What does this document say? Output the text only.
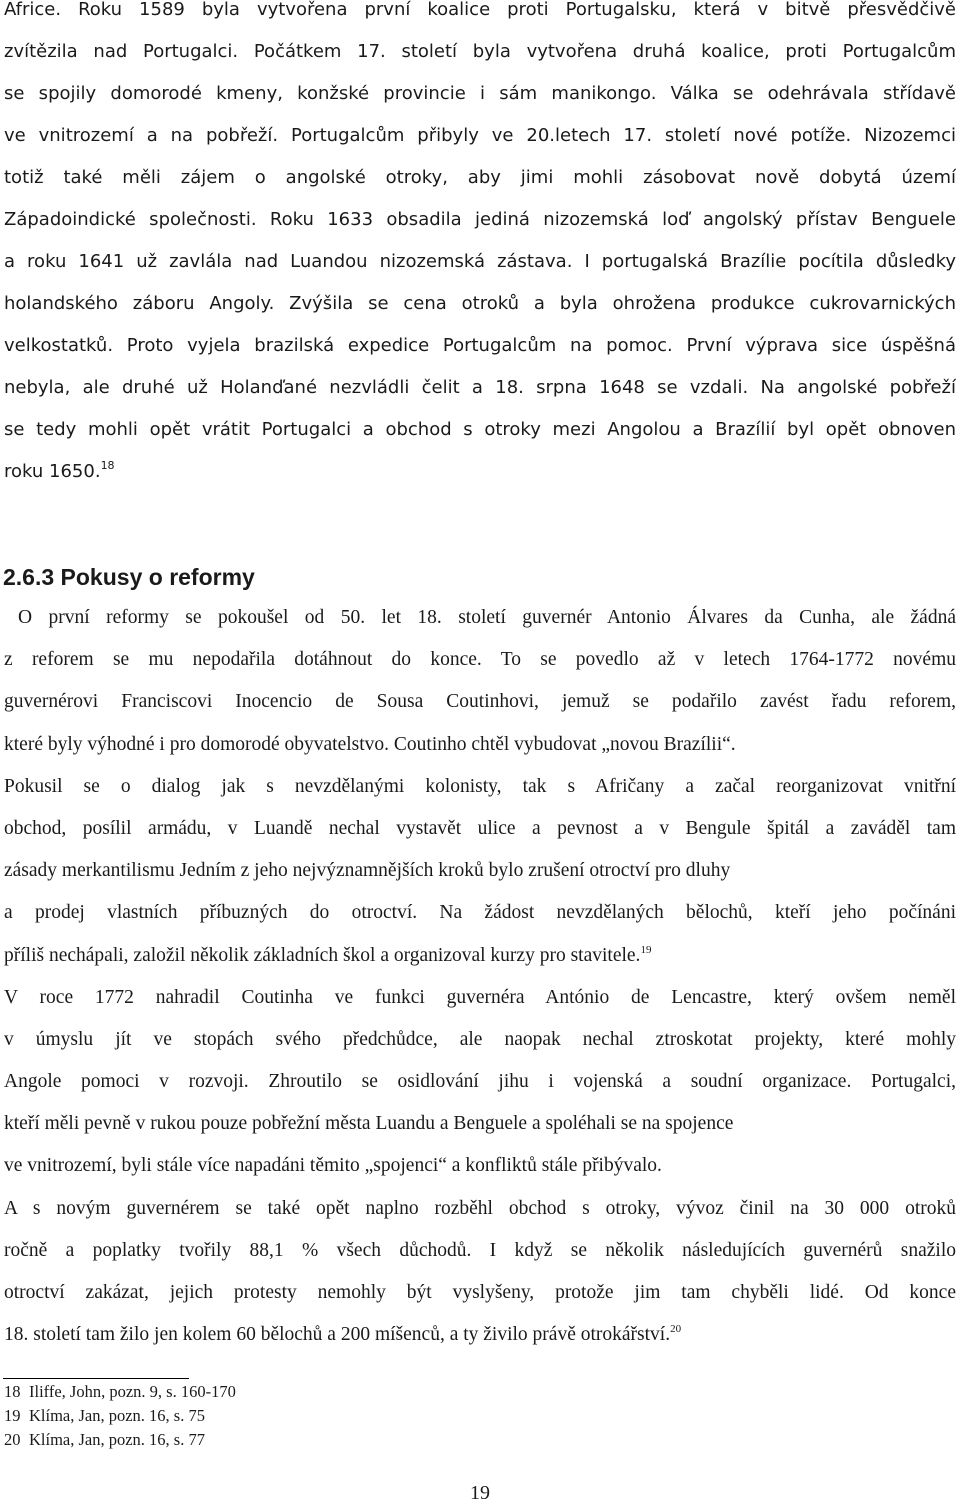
Africe. Roku 1589 byla vytvořena první koalice proti Portugalsku, která v bitvě přesvědčivě
zvítězila nad Portugalci. Počátkem 17. století byla vytvořena druhá koalice, proti Portugalcům
se spojily domorodé kmeny, konžské provincie i sám manikongo. Válka se odehrávala střídavě
ve vnitrozemí a na pobřeží. Portugalcům přibyly ve 20.letech 17. století nové potíže. Nizozemci
totiž také měli zájem o angolské otroky, aby jimi mohli zásobovat nově dobytá území
Západoindické společnosti. Roku 1633 obsadila jediná nizozemská loď angolský přístav Benguele
a roku 1641 už zavlála nad Luandou nizozemská zástava. I portugalská Brazílie pocítila důsledky
holandského záboru Angoly. Zvýšila se cena otroků a byla ohrožena produkce cukrovarnických
velkostatků. Proto vyjela brazilská expedice Portugalcům na pomoc. První výprava sice úspěšná
nebyla, ale druhé už Holanďané nezvládli čelit a 18. srpna 1648 se vzdali. Na angolské pobřeží
se tedy mohli opět vrátit Portugalci a obchod s otroky mezi Angolou a Brazílií byl opět obnoven
roku 1650.18
2.6.3 Pokusy o reformy
O první reformy se pokoušel od 50. let 18. století guvernér Antonio Álvares da Cunha, ale žádná
z reforem se mu nepodařila dotáhnout do konce. To se povedlo až v letech 1764-1772 novému
guvernérovi Franciscovi Inocencio de Sousa Coutinhovi, jemuž se podařilo zavést řadu reforem,
které byly výhodné i pro domorodé obyvatelstvo. Coutinho chtěl vybudovat „novou Brazílii“.
Pokusil se o dialog jak s nevzdělanými kolonisty, tak s Afričany a začal reorganizovat vnitřní
obchod, posílil armádu, v Luandě nechal vystavět ulice a pevnost a v Bengule špitál a zaváděl tam
zásady merkantilismu Jedním z jeho nejvýznamnějších kroků bylo zrušení otroctví pro dluhy
a prodej vlastních příbuzných do otroctví. Na žádost nevzdělaných bělochů, kteří jeho počínáni
příliš nechápali, založil několik základních škol a organizoval kurzy pro stavitele.$^{19}$
V roce 1772 nahradil Coutinha ve funkci guvernéra António de Lencastre, který ovšem neměl
v úmyslu jít ve stopách svého předchůdce, ale naopak nechal ztroskotat projekty, které mohly
Angole pomoci v rozvoji. Zhroutilo se osidlování jihu i vojenská a soudní organizace. Portugalci,
kteří měli pevně v rukou pouze pobřežní města Luandu a Benguele a spoléhali se na spojence
ve vnitrozemí, byli stále více napadáni těmito „spojenci“ a konfliktů stále přibývalo.
A s novým guvernérem se také opět naplno rozběhl obchod s otroky, vývoz činil na 30 000 otroků
ročně a poplatky tvořily 88,1 % všech důchodů. I když se několik následujících guvernérů snažilo
otroctví zakázat, jejich protesty nemohly být vyslyšeny, protože jim tam chyběli lidé. Od konce
18. století tam žilo jen kolem 60 bělochů a 200 míšenců, a ty živilo právě otrokářství.$^{20}$
18 Iliffe, John, pozn. 9, s. 160-170
19 Klíma, Jan, pozn. 16, s. 75
20 Klíma, Jan, pozn. 16, s. 77
19
